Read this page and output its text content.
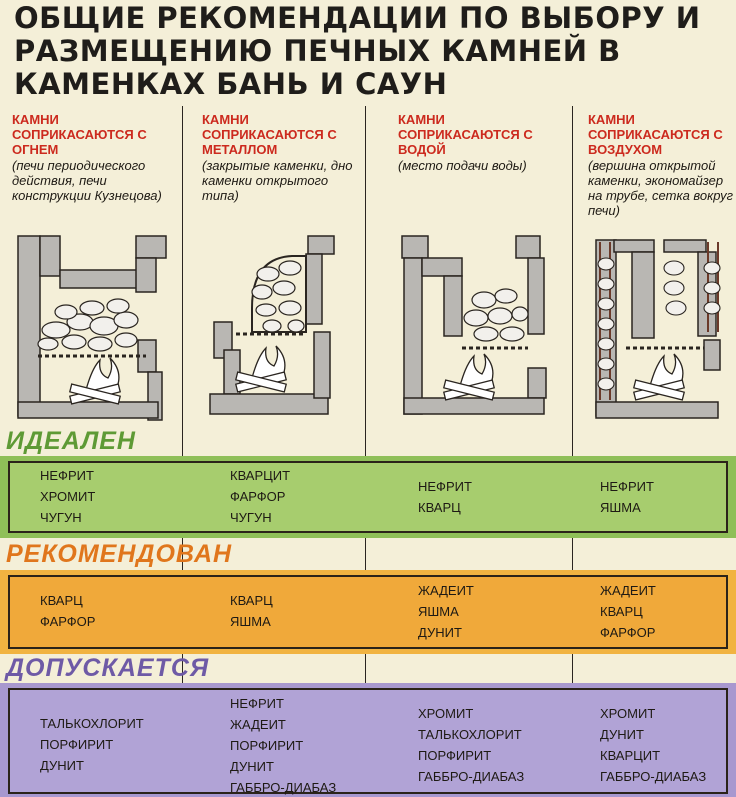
ОБЩИЕ РЕКОМЕНДАЦИИ ПО ВЫБОРУ И
РАЗМЕЩЕНИЮ ПЕЧНЫХ КАМНЕЙ В
КАМЕНКАХ БАНЬ И САУН
КАМНИ СОПРИКАСАЮТСЯ С ОГНЕМ
(печи периодического действия, печи конструкции Кузнецова)
КАМНИ СОПРИКАСАЮТСЯ С МЕТАЛЛОМ
(закрытые каменки, дно каменки открытого типа)
КАМНИ СОПРИКАСАЮТСЯ С ВОДОЙ
(место подачи воды)
КАМНИ СОПРИКАСАЮТСЯ С ВОЗДУХОМ
(вершина открытой каменки, экономайзер на трубе, сетка вокруг печи)
ИДЕАЛЕН
НЕФРИТ
ХРОМИТ
ЧУГУН
КВАРЦИТ
ФАРФОР
ЧУГУН
НЕФРИТ
КВАРЦ
НЕФРИТ
ЯШМА
РЕКОМЕНДОВАН
КВАРЦ
ФАРФОР
КВАРЦ
ЯШМА
ЖАДЕИТ
ЯШМА
ДУНИТ
ЖАДЕИТ
КВАРЦ
ФАРФОР
ДОПУСКАЕТСЯ
ТАЛЬКОХЛОРИТ
ПОРФИРИТ
ДУНИТ
НЕФРИТ
ЖАДЕИТ
ПОРФИРИТ
ДУНИТ
ГАББРО-ДИАБАЗ
ХРОМИТ
ТАЛЬКОХЛОРИТ
ПОРФИРИТ
ГАББРО-ДИАБАЗ
ХРОМИТ
ДУНИТ
КВАРЦИТ
ГАББРО-ДИАБАЗ
